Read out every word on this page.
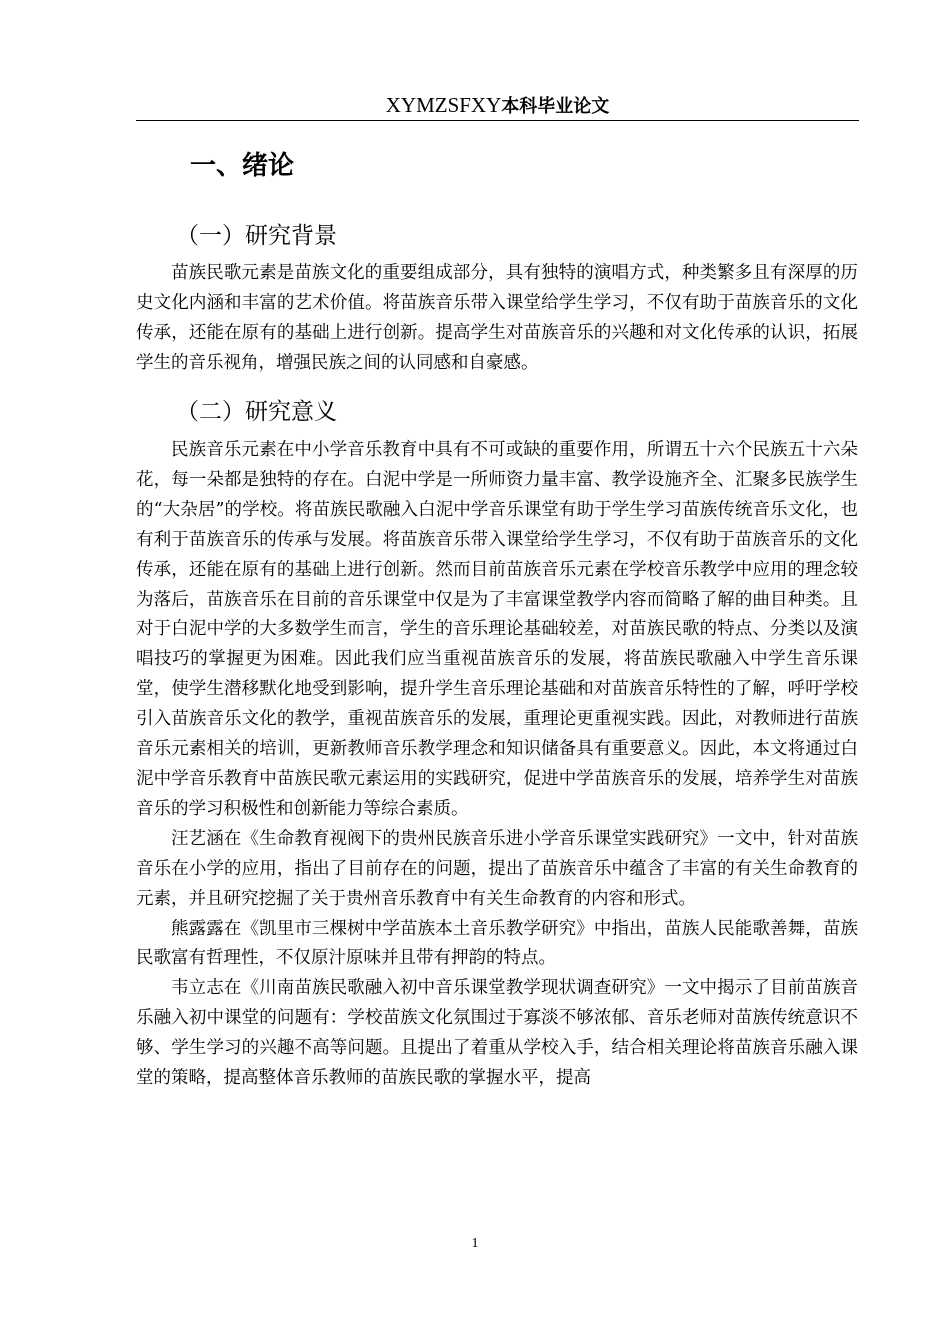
XYMZSFXY本科毕业论文
一、绪论
（一）研究背景

苗族民歌元素是苗族文化的重要组成部分，具有独特的演唱方式，种类繁多且有深厚的历史文化内涵和丰富的艺术价值。将苗族音乐带入课堂给学生学习，不仅有助于苗族音乐的文化传承，还能在原有的基础上进行创新。提高学生对苗族音乐的兴趣和对文化传承的认识，拓展学生的音乐视角，增强民族之间的认同感和自豪感。

（二）研究意义

民族音乐元素在中小学音乐教育中具有不可或缺的重要作用，所谓五十六个民族五十六朵花，每一朵都是独特的存在。白泥中学是一所师资力量丰富、教学设施齐全、汇聚多民族学生的“大杂居”的学校。将苗族民歌融入白泥中学音乐课堂有助于学生学习苗族传统音乐文化，也有利于苗族音乐的传承与发展。将苗族音乐带入课堂给学生学习，不仅有助于苗族音乐的文化传承，还能在原有的基础上进行创新。然而目前苗族音乐元素在学校音乐教学中应用的理念较为落后，苗族音乐在目前的音乐课堂中仅是为了丰富课堂教学内容而简略了解的曲目种类。且对于白泥中学的大多数学生而言，学生的音乐理论基础较差，对苗族民歌的特点、分类以及演唱技巧的掌握更为困难。因此我们应当重视苗族音乐的发展，将苗族民歌融入中学生音乐课堂，使学生潜移默化地受到影响，提升学生音乐理论基础和对苗族音乐特性的了解，呼吁学校引入苗族音乐文化的教学，重视苗族音乐的发展，重理论更重视实践。因此，对教师进行苗族音乐元素相关的培训，更新教师音乐教学理念和知识储备具有重要意义。因此，本文将通过白泥中学音乐教育中苗族民歌元素运用的实践研究，促进中学苗族音乐的发展，培养学生对苗族音乐的学习积极性和创新能力等综合素质。

汪艺涵在《生命教育视阀下的贵州民族音乐进小学音乐课堂实践研究》一文中，针对苗族音乐在小学的应用，指出了目前存在的问题，提出了苗族音乐中蕴含了丰富的有关生命教育的元素，并且研究挖掘了关于贵州音乐教育中有关生命教育的内容和形式。

熊露露在《凯里市三棵树中学苗族本土音乐教学研究》中指出，苗族人民能歌善舞，苗族民歌富有哲理性，不仅原汁原味并且带有押韵的特点。

韦立志在《川南苗族民歌融入初中音乐课堂教学现状调查研究》一文中揭示了目前苗族音乐融入初中课堂的问题有：学校苗族文化氛围过于寡淡不够浓郁、音乐老师对苗族传统意识不够、学生学习的兴趣不高等问题。且提出了着重从学校入手，结合相关理论将苗族音乐融入课堂的策略，提高整体音乐教师的苗族民歌的掌握水平，提高

1
